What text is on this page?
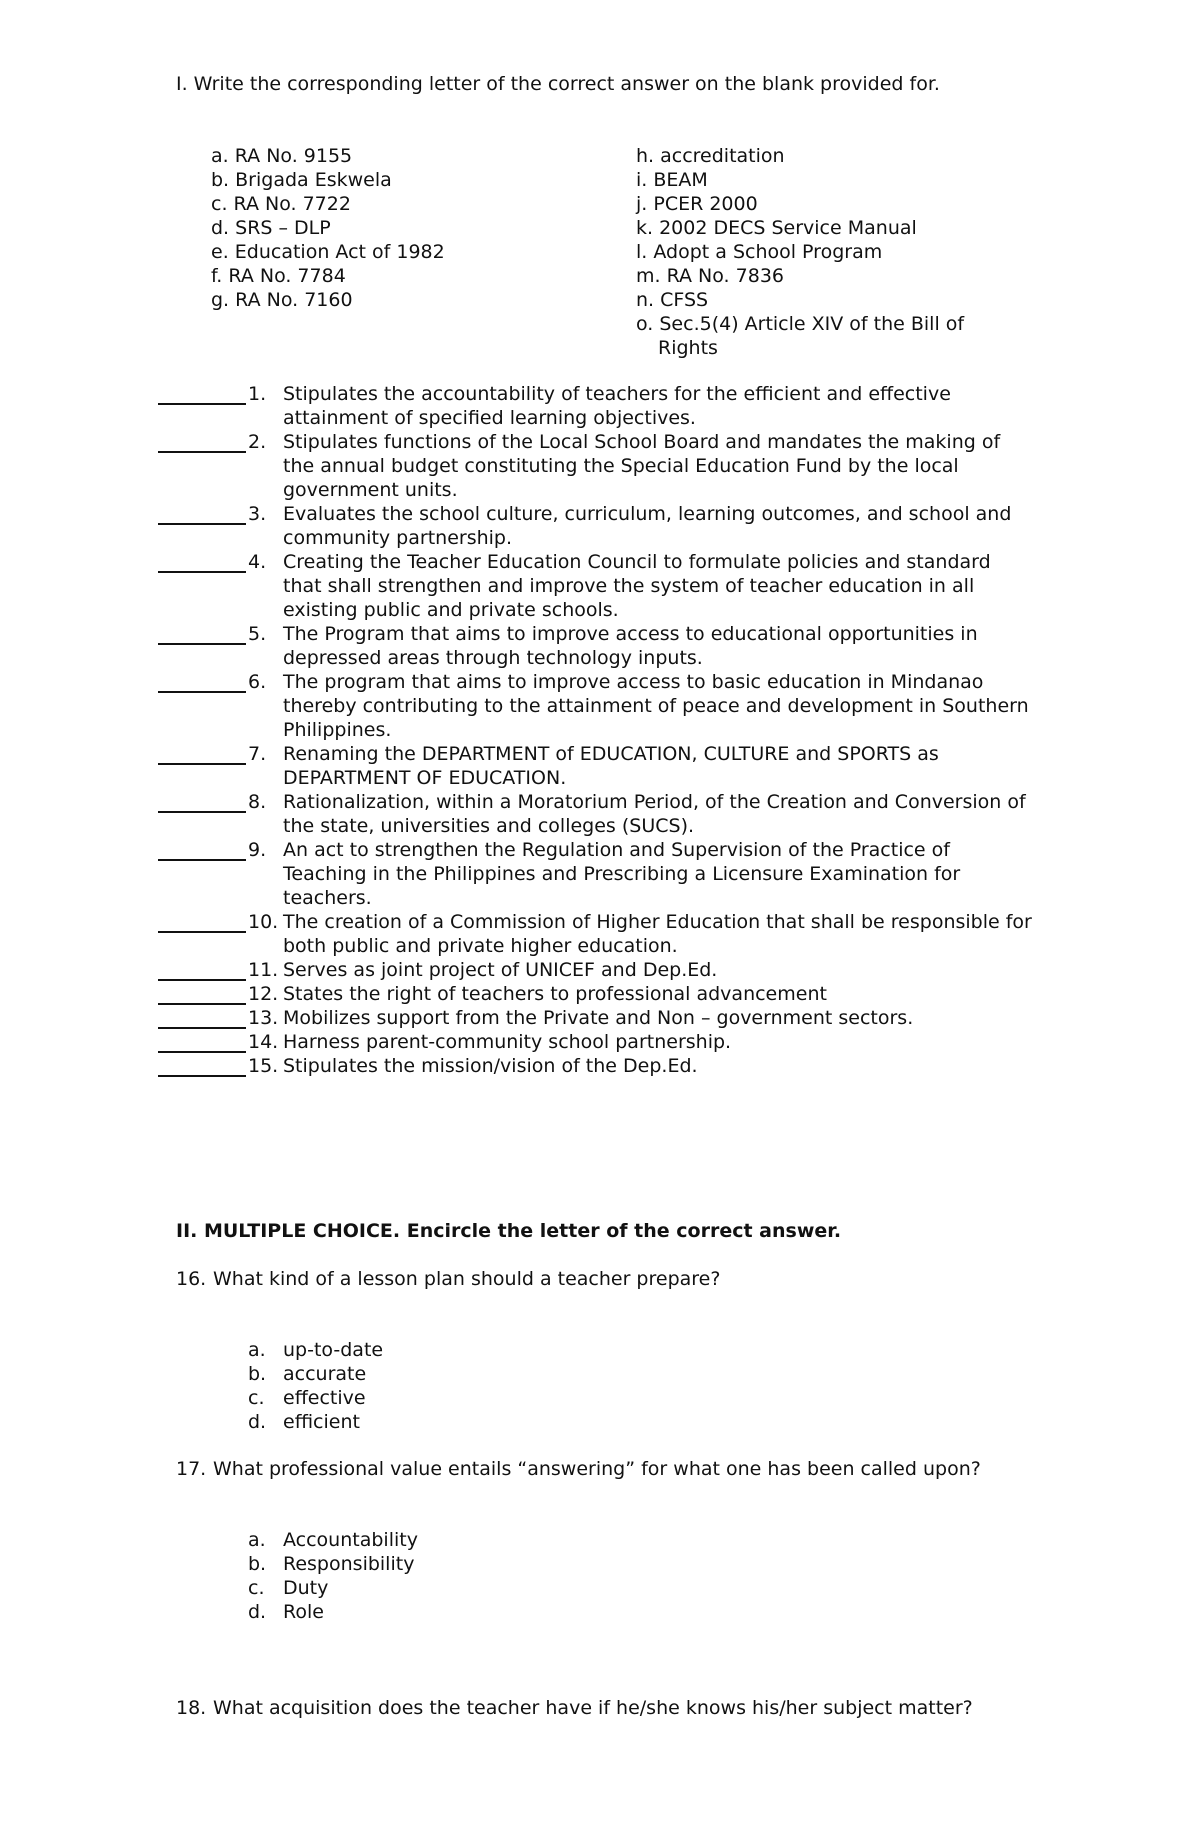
I. Write the corresponding letter of the correct answer on the blank provided for.
a. RA No. 9155
b. Brigada Eskwela
c. RA No. 7722
d. SRS – DLP
e. Education Act of 1982
f. RA No. 7784
g. RA No. 7160
h. accreditation
i. BEAM
j. PCER 2000
k. 2002 DECS Service Manual
l. Adopt a School Program
m. RA No. 7836
n. CFSS
o. Sec.5(4) Article XIV of the Bill of
Rights
1. Stipulates the accountability of teachers for the efficient and effective
attainment of specified learning objectives.
2. Stipulates functions of the Local School Board and mandates the making of
the annual budget constituting the Special Education Fund by the local
government units.
3. Evaluates the school culture, curriculum, learning outcomes, and school and
community partnership.
4. Creating the Teacher Education Council to formulate policies and standard
that shall strengthen and improve the system of teacher education in all
existing public and private schools.
5. The Program that aims to improve access to educational opportunities in
depressed areas through technology inputs.
6. The program that aims to improve access to basic education in Mindanao
thereby contributing to the attainment of peace and development in Southern
Philippines.
7. Renaming the DEPARTMENT of EDUCATION, CULTURE and SPORTS as
DEPARTMENT OF EDUCATION.
8. Rationalization, within a Moratorium Period, of the Creation and Conversion of
the state, universities and colleges (SUCS).
9. An act to strengthen the Regulation and Supervision of the Practice of
Teaching in the Philippines and Prescribing a Licensure Examination for
teachers.
10. The creation of a Commission of Higher Education that shall be responsible for
both public and private higher education.
11. Serves as joint project of UNICEF and Dep.Ed.
12. States the right of teachers to professional advancement
13. Mobilizes support from the Private and Non – government sectors.
14. Harness parent-community school partnership.
15. Stipulates the mission/vision of the Dep.Ed.
II. MULTIPLE CHOICE. Encircle the letter of the correct answer.
16. What kind of a lesson plan should a teacher prepare?
a. up-to-date
b. accurate
c. effective
d. efficient
17. What professional value entails “answering” for what one has been called upon?
a. Accountability
b. Responsibility
c. Duty
d. Role
18. What acquisition does the teacher have if he/she knows his/her subject matter?
